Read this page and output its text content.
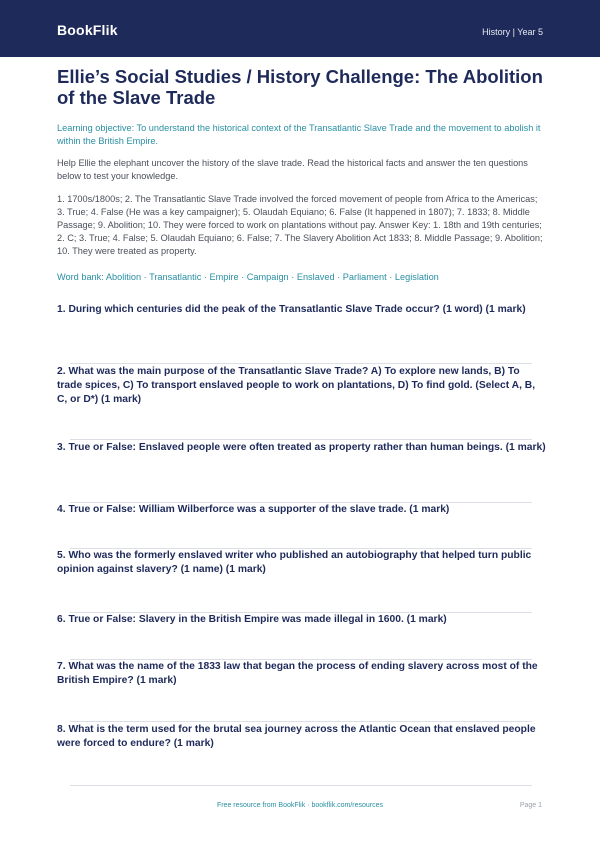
BookFlik	History | Year 5
Ellie’s Social Studies / History Challenge: The Abolition of the Slave Trade
Learning objective: To understand the historical context of the Transatlantic Slave Trade and the movement to abolish it within the British Empire.
Help Ellie the elephant uncover the history of the slave trade. Read the historical facts and answer the ten questions below to test your knowledge.
1. 1700s/1800s; 2. The Transatlantic Slave Trade involved the forced movement of people from Africa to the Americas; 3. True; 4. False (He was a key campaigner); 5. Olaudah Equiano; 6. False (It happened in 1807); 7. 1833; 8. Middle Passage; 9. Abolition; 10. They were forced to work on plantations without pay. Answer Key: 1. 18th and 19th centuries; 2. C; 3. True; 4. False; 5. Olaudah Equiano; 6. False; 7. The Slavery Abolition Act 1833; 8. Middle Passage; 9. Abolition; 10. They were treated as property.
Word bank: Abolition · Transatlantic · Empire · Campaign · Enslaved · Parliament · Legislation
1. During which centuries did the peak of the Transatlantic Slave Trade occur? (1 word) (1 mark)
2. What was the main purpose of the Transatlantic Slave Trade? A) To explore new lands, B) To trade spices, C) To transport enslaved people to work on plantations, D) To find gold. (Select A, B, C, or D*) (1 mark)
3. True or False: Enslaved people were often treated as property rather than human beings. (1 mark)
4. True or False: William Wilberforce was a supporter of the slave trade. (1 mark)
5. Who was the formerly enslaved writer who published an autobiography that helped turn public opinion against slavery? (1 name) (1 mark)
6. True or False: Slavery in the British Empire was made illegal in 1600. (1 mark)
7. What was the name of the 1833 law that began the process of ending slavery across most of the British Empire? (1 mark)
8. What is the term used for the brutal sea journey across the Atlantic Ocean that enslaved people were forced to endure? (1 mark)
Free resource from BookFlik · bookflik.com/resources	Page 1
